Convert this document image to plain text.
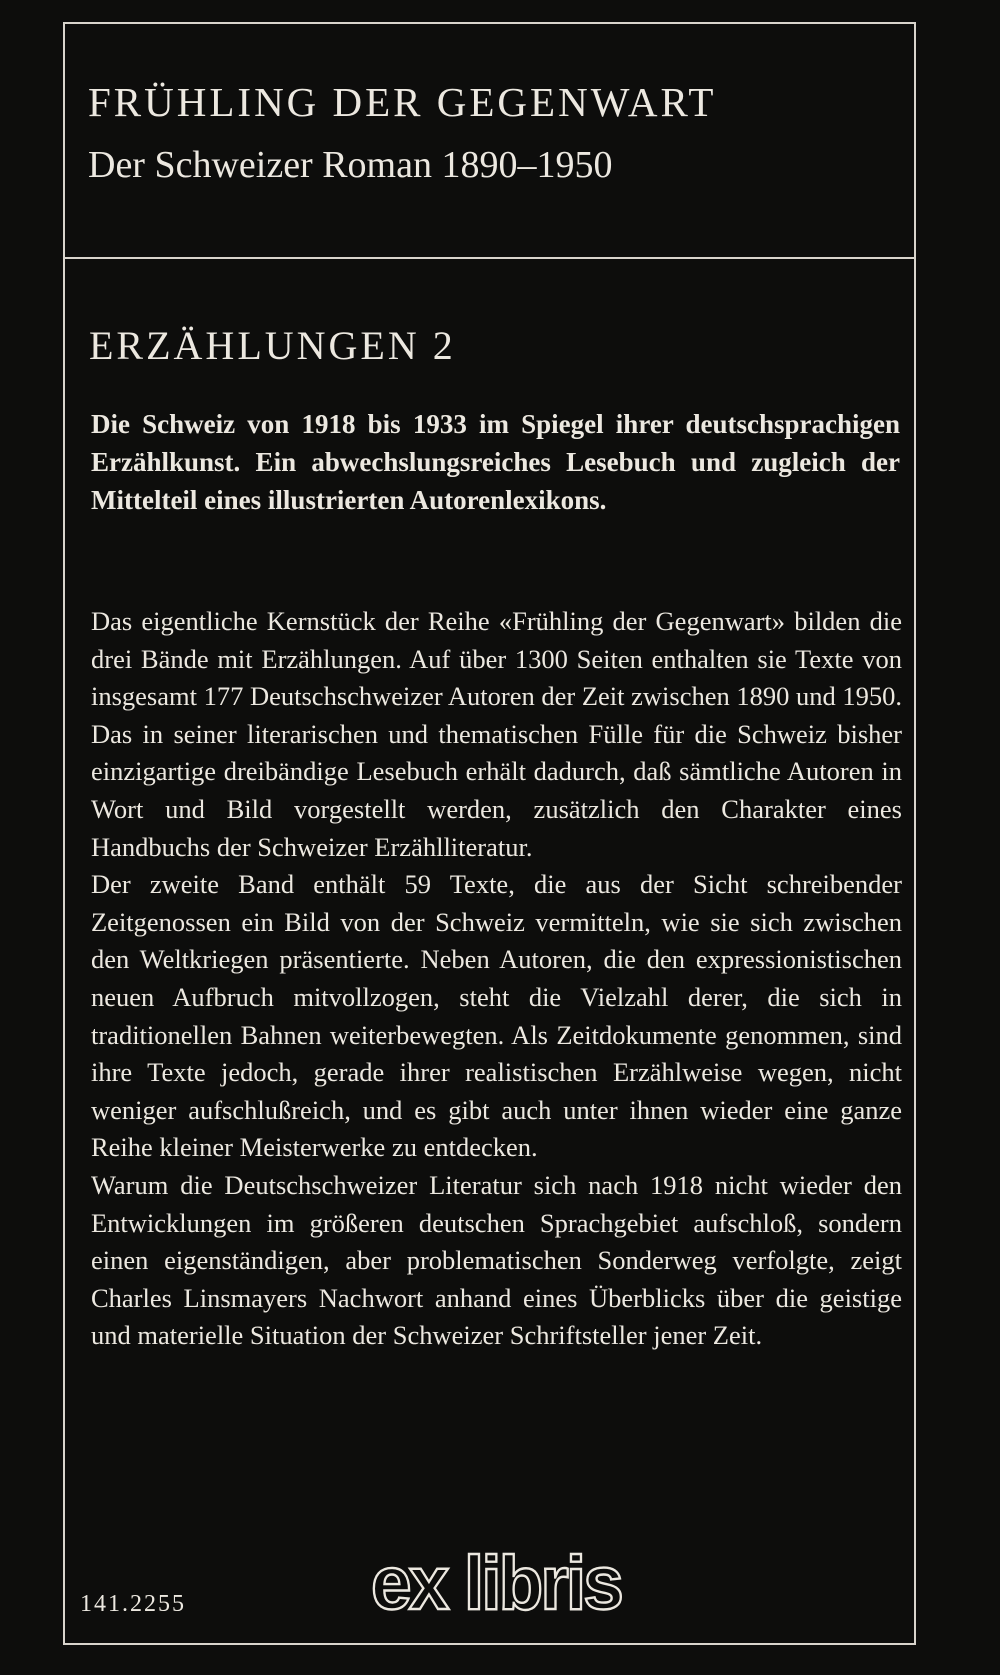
FRÜHLING DER GEGENWART
Der Schweizer Roman 1890–1950
ERZÄHLUNGEN 2

Die Schweiz von 1918 bis 1933 im Spiegel ihrer deutschsprachigen Erzählkunst. Ein abwechslungsreiches Lesebuch und zugleich der Mittelteil eines illustrierten Autorenlexikons.

Das eigentliche Kernstück der Reihe «Frühling der Gegenwart» bilden die drei Bände mit Erzählungen. Auf über 1300 Seiten enthalten sie Texte von insgesamt 177 Deutschschweizer Autoren der Zeit zwischen 1890 und 1950. Das in seiner literarischen und thematischen Fülle für die Schweiz bisher einzigartige dreibändige Lesebuch erhält dadurch, daß sämtliche Autoren in Wort und Bild vorgestellt werden, zusätzlich den Charakter eines Handbuchs der Schweizer Erzählliteratur.

Der zweite Band enthält 59 Texte, die aus der Sicht schreibender Zeitgenossen ein Bild von der Schweiz vermitteln, wie sie sich zwischen den Weltkriegen präsentierte. Neben Autoren, die den expressionistischen neuen Aufbruch mitvollzogen, steht die Vielzahl derer, die sich in traditionellen Bahnen weiterbewegten. Als Zeitdokumente genommen, sind ihre Texte jedoch, gerade ihrer realistischen Erzählweise wegen, nicht weniger aufschlußreich, und es gibt auch unter ihnen wieder eine ganze Reihe kleiner Meisterwerke zu entdecken.

Warum die Deutschschweizer Literatur sich nach 1918 nicht wieder den Entwicklungen im größeren deutschen Sprachgebiet aufschloß, sondern einen eigenständigen, aber problematischen Sonderweg verfolgte, zeigt Charles Linsmayers Nachwort anhand eines Überblicks über die geistige und materielle Situation der Schweizer Schriftsteller jener Zeit.

141.2255 ex libris
